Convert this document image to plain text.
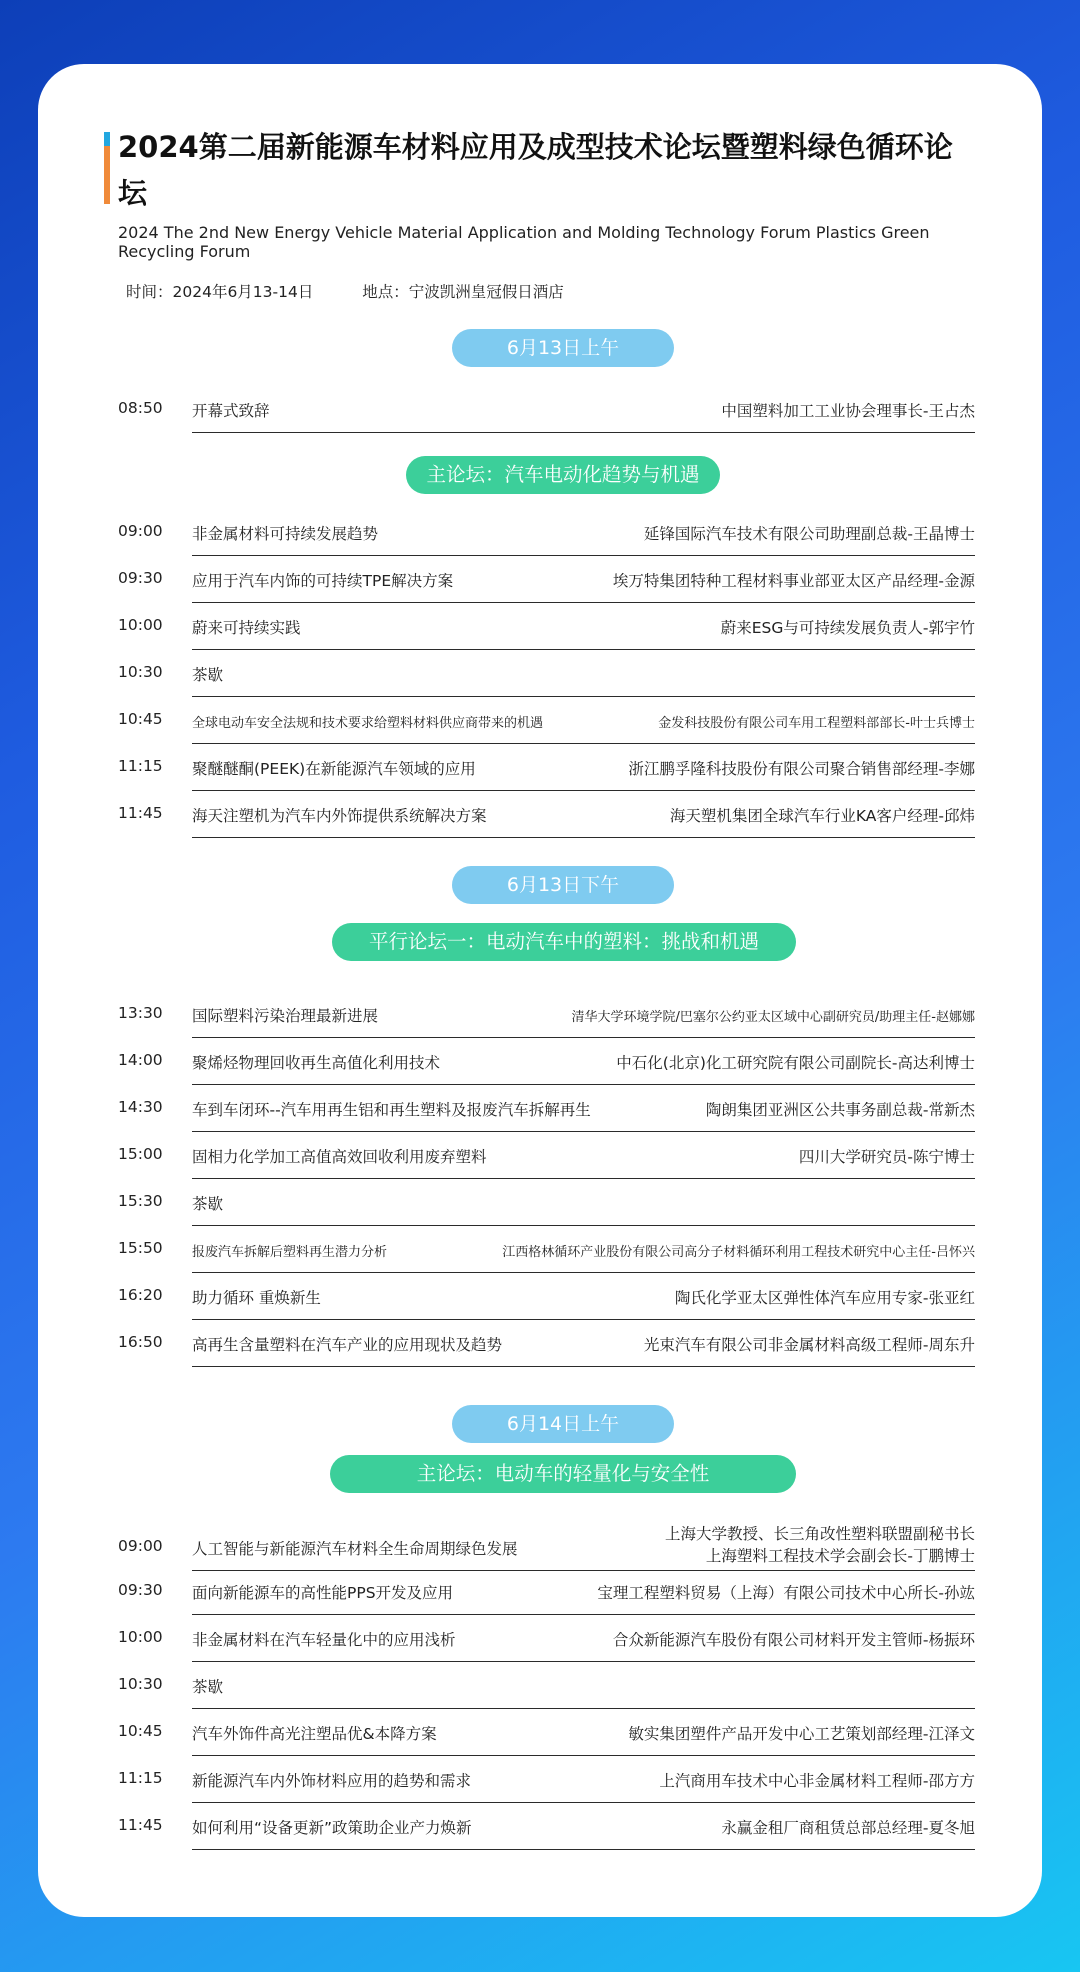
2024第二届新能源车材料应用及成型技术论坛暨塑料绿色循环论坛
2024 The 2nd New Energy Vehicle Material Application and Molding Technology Forum Plastics Green Recycling Forum
时间：2024年6月13-14日	地点：宁波凯洲皇冠假日酒店
6月13日上午
08:50	开幕式致辞	中国塑料加工工业协会理事长-王占杰
主论坛：汽车电动化趋势与机遇
09:00	非金属材料可持续发展趋势	延锋国际汽车技术有限公司助理副总裁-王晶博士
09:30	应用于汽车内饰的可持续TPE解决方案	埃万特集团特种工程材料事业部亚太区产品经理-金源
10:00	蔚来可持续实践	蔚来ESG与可持续发展负责人-郭宇竹
10:30	茶歇
10:45	全球电动车安全法规和技术要求给塑料材料供应商带来的机遇	金发科技股份有限公司车用工程塑料部部长-叶士兵博士
11:15	聚醚醚酮(PEEK)在新能源汽车领域的应用	浙江鹏孚隆科技股份有限公司聚合销售部经理-李娜
11:45	海天注塑机为汽车内外饰提供系统解决方案	海天塑机集团全球汽车行业KA客户经理-邱炜
6月13日下午
平行论坛一：电动汽车中的塑料：挑战和机遇
13:30	国际塑料污染治理最新进展	清华大学环境学院/巴塞尔公约亚太区域中心副研究员/助理主任-赵娜娜
14:00	聚烯烃物理回收再生高值化利用技术	中石化(北京)化工研究院有限公司副院长-高达利博士
14:30	车到车闭环--汽车用再生铝和再生塑料及报废汽车拆解再生	陶朗集团亚洲区公共事务副总裁-常新杰
15:00	固相力化学加工高值高效回收利用废弃塑料	四川大学研究员-陈宁博士
15:30	茶歇
15:50	报废汽车拆解后塑料再生潜力分析	江西格林循环产业股份有限公司高分子材料循环利用工程技术研究中心主任-吕怀兴
16:20	助力循环 重焕新生	陶氏化学亚太区弹性体汽车应用专家-张亚红
16:50	高再生含量塑料在汽车产业的应用现状及趋势	光束汽车有限公司非金属材料高级工程师-周东升
6月14日上午
主论坛：电动车的轻量化与安全性
09:00	人工智能与新能源汽车材料全生命周期绿色发展
上海大学教授、长三角改性塑料联盟副秘书长
上海塑料工程技术学会副会长-丁鹏博士
09:30	面向新能源车的高性能PPS开发及应用	宝理工程塑料贸易（上海）有限公司技术中心所长-孙竑
10:00	非金属材料在汽车轻量化中的应用浅析	合众新能源汽车股份有限公司材料开发主管师-杨振环
10:30	茶歇
10:45	汽车外饰件高光注塑品优&本降方案	敏实集团塑件产品开发中心工艺策划部经理-江泽文
11:15	新能源汽车内外饰材料应用的趋势和需求	上汽商用车技术中心非金属材料工程师-邵方方
11:45	如何利用“设备更新”政策助企业产力焕新	永赢金租厂商租赁总部总经理-夏冬旭
